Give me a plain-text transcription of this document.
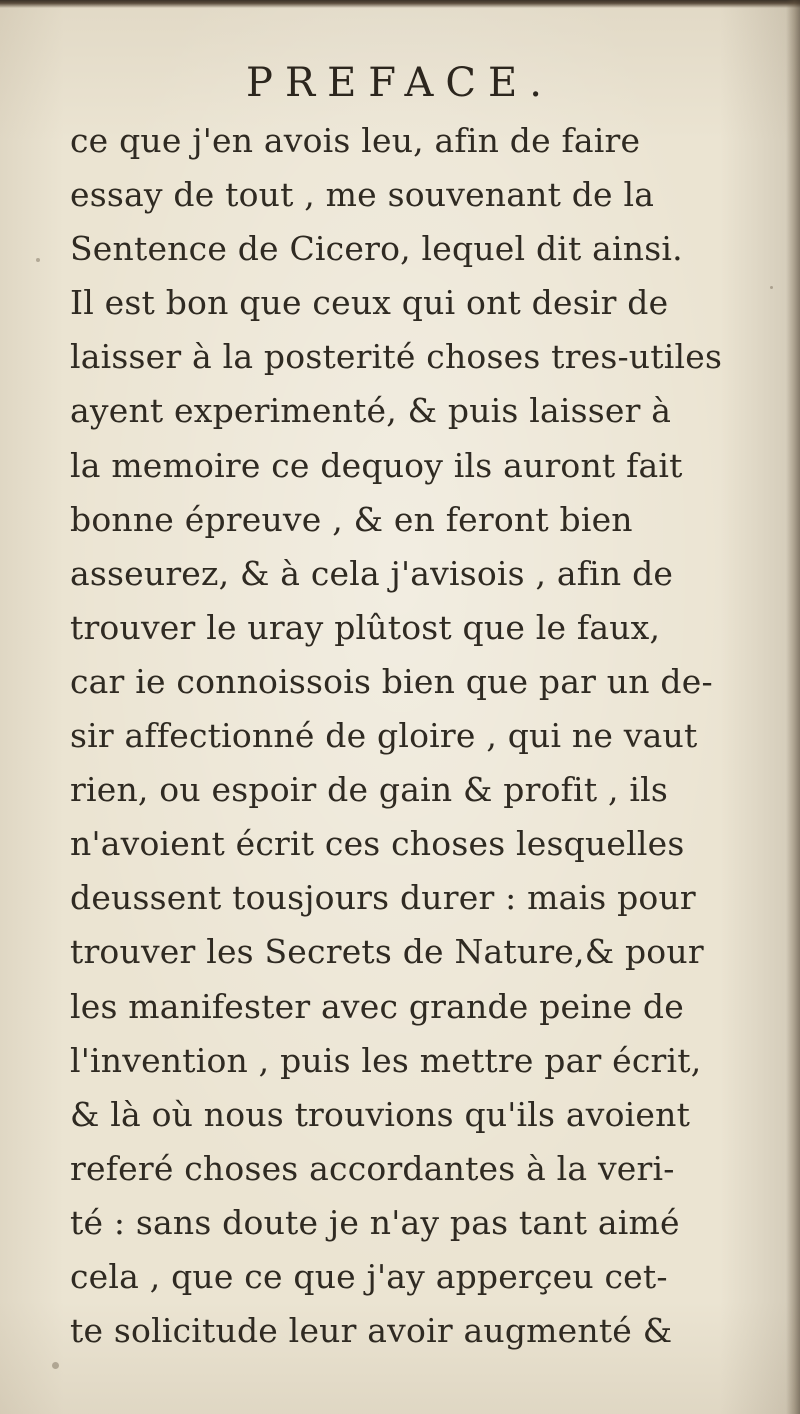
PREFACE.
ce que j'en avois leu, afin de faire
essay de tout , me souvenant de la
Sentence de Cicero, lequel dit ainsi.
Il est bon que ceux qui ont desir de
laisser à la posterité choses tres-utiles
ayent experimenté, & puis laisser à
la memoire ce dequoy ils auront fait
bonne épreuve , & en feront bien
asseurez, & à cela j'avisois , afin de
trouver le uray plûtost que le faux,
car ie connoissois bien que par un de-
sir affectionné de gloire , qui ne vaut
rien, ou espoir de gain & profit , ils
n'avoient écrit ces choses lesquelles
deussent tousjours durer : mais pour
trouver les Secrets de Nature,& pour
les manifester avec grande peine de
l'invention , puis les mettre par écrit,
& là où nous trouvions qu'ils avoient
referé choses accordantes à la veri-
té : sans doute je n'ay pas tant aimé
cela , que ce que j'ay apperçeu cet-
te solicitude leur avoir augmenté &
